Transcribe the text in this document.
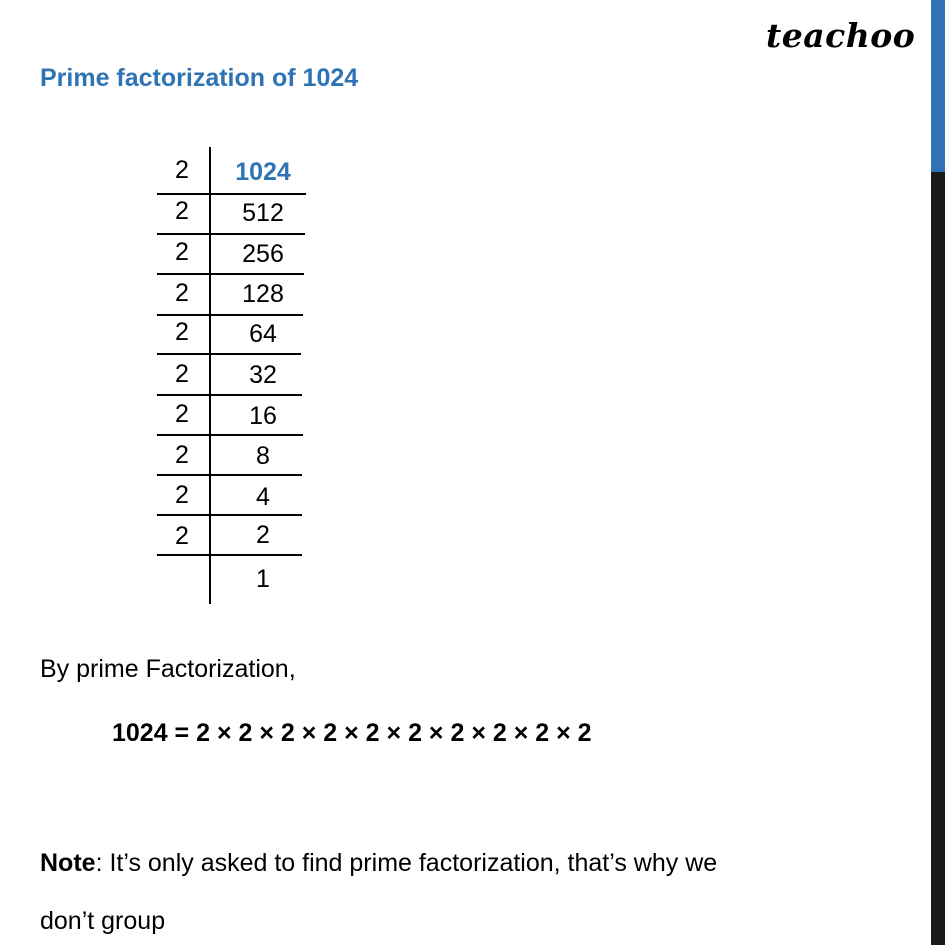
teachoo
Prime factorization of 1024
2
2
2
2
2
2
2
2
2
2
1024
512
256
128
64
32
16
8
4
2
1
By prime Factorization,
1024 = 2 × 2 × 2 × 2 × 2 × 2 × 2 × 2 × 2 × 2
Note: It’s only asked to find prime factorization, that’s why we
don’t group
